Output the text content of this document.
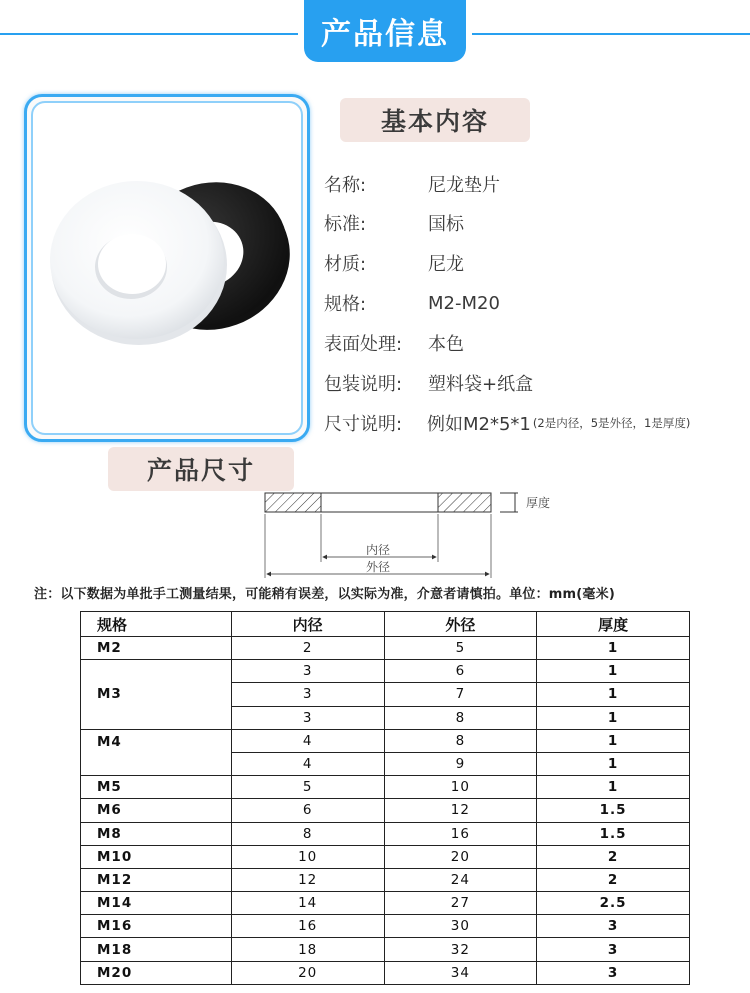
产品信息
基本内容
名称:	尼龙垫片
标准:	国标
材质:	尼龙
规格:	M2-M20
表面处理:	本色
包装说明:	塑料袋+纸盒
尺寸说明:	例如M2*5*1 (2是内径，5是外径，1是厚度)
产品尺寸
厚度
内径
外径
注：以下数据为单批手工测量结果，可能稍有误差，以实际为准，介意者请慎拍。单位：mm(毫米)
规格	内径	外径	厚度
M2	2	5	1
M3	3	6	1
	3	7	1
	3	8	1
M4	4	8	1
	4	9	1
M5	5	10	1
M6	6	12	1.5
M8	8	16	1.5
M10	10	20	2
M12	12	24	2
M14	14	27	2.5
M16	16	30	3
M18	18	32	3
M20	20	34	3
